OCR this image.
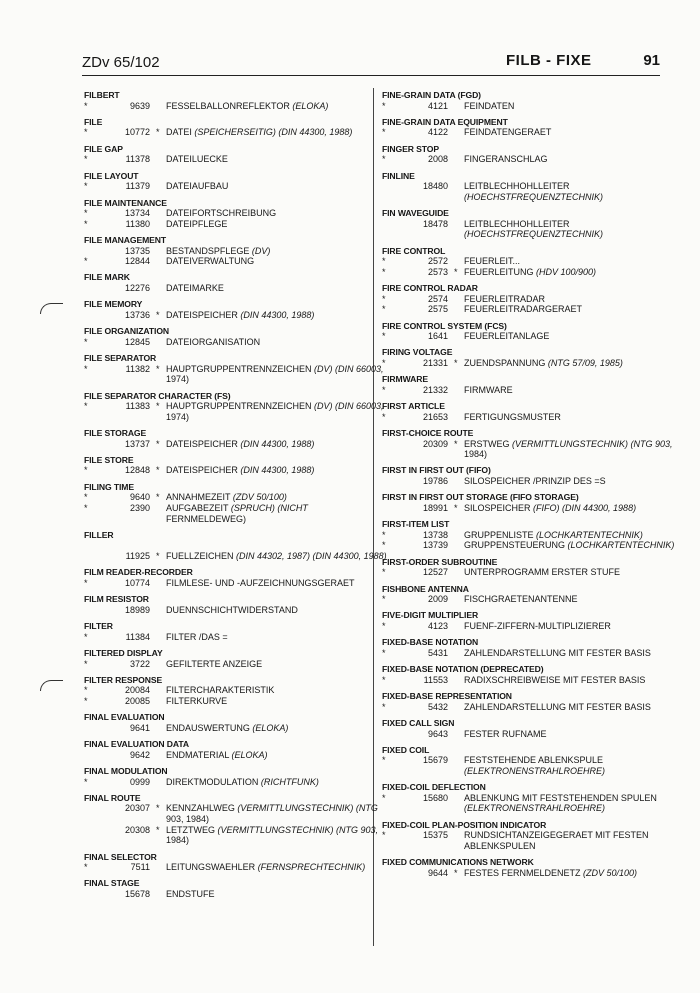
ZDv 65/102	FILB - FIXE	91
FILBERT
*	9639 FESSELBALLONREFLEKTOR (ELOKA)
FILE
*	10772 * DATEI (SPEICHERSEITIG) (DIN 44300, 1988)
FILE GAP
*	11378 DATEILUECKE
FILE LAYOUT
*	11379 DATEIAUFBAU
FILE MAINTENANCE
*	13734 DATEIFORTSCHREIBUNG
*	11380 DATEIPFLEGE
FILE MANAGEMENT
13735 BESTANDSPFLEGE (DV)
*	12844 DATEIVERWALTUNG
FILE MARK
12276 DATEIMARKE
FILE MEMORY
13736 * DATEISPEICHER (DIN 44300, 1988)
FILE ORGANIZATION
*	12845 DATEIORGANISATION
FILE SEPARATOR
*	11382 * HAUPTGRUPPENTRENNZEICHEN (DV) (DIN 66003,
1974)
FILE SEPARATOR CHARACTER (FS)
*	11383 * HAUPTGRUPPENTRENNZEICHEN (DV) (DIN 66003,
1974)
FILE STORAGE
13737 * DATEISPEICHER (DIN 44300, 1988)
FILE STORE
*	12848 * DATEISPEICHER (DIN 44300, 1988)
FILING TIME
*	9640 * ANNAHMEZEIT (ZDV 50/100)
*	2390 AUFGABEZEIT (SPRUCH) (NICHT
FERNMELDEWEG)
FILLER
11925 * FUELLZEICHEN (DIN 44302, 1987) (DIN 44300, 1988)
FILM READER-RECORDER
*	10774 FILMLESE- UND -AUFZEICHNUNGSGERAET
FILM RESISTOR
18989 DUENNSCHICHTWIDERSTAND
FILTER
*	11384 FILTER /DAS =
FILTERED DISPLAY
*	3722 GEFILTERTE ANZEIGE
FILTER RESPONSE
*	20084 FILTERCHARAKTERISTIK
*	20085 FILTERKURVE
FINAL EVALUATION
9641 ENDAUSWERTUNG (ELOKA)
FINAL EVALUATION DATA
9642 ENDMATERIAL (ELOKA)
FINAL MODULATION
*	0999 DIREKTMODULATION (RICHTFUNK)
FINAL ROUTE
20307 * KENNZAHLWEG (VERMITTLUNGSTECHNIK) (NTG
903, 1984)
20308 * LETZTWEG (VERMITTLUNGSTECHNIK) (NTG 903,
1984)
FINAL SELECTOR
*	7511 LEITUNGSWAEHLER (FERNSPRECHTECHNIK)
FINAL STAGE
15678 ENDSTUFE
FINE-GRAIN DATA (FGD)
*	4121 FEINDATEN
FINE-GRAIN DATA EQUIPMENT
*	4122 FEINDATENGERAET
FINGER STOP
*	2008 FINGERANSCHLAG
FINLINE
18480 LEITBLECHHOHLLEITER
(HOECHSTFREQUENZTECHNIK)
FIN WAVEGUIDE
18478 LEITBLECHHOHLLEITER
(HOECHSTFREQUENZTECHNIK)
FIRE CONTROL
*	2572 FEUERLEIT...
*	2573 * FEUERLEITUNG (HDV 100/900)
FIRE CONTROL RADAR
*	2574 FEUERLEITRADAR
*	2575 FEUERLEITRADARGERAET
FIRE CONTROL SYSTEM (FCS)
*	1641 FEUERLEITANLAGE
FIRING VOLTAGE
*	21331 * ZUENDSPANNUNG (NTG 57/09, 1985)
FIRMWARE
*	21332 FIRMWARE
FIRST ARTICLE
*	21653 FERTIGUNGSMUSTER
FIRST-CHOICE ROUTE
20309 * ERSTWEG (VERMITTLUNGSTECHNIK) (NTG 903,
1984)
FIRST IN FIRST OUT (FIFO)
19786 SILOSPEICHER /PRINZIP DES =S
FIRST IN FIRST OUT STORAGE (FIFO STORAGE)
18991 * SILOSPEICHER (FIFO) (DIN 44300, 1988)
FIRST-ITEM LIST
*	13738 GRUPPENLISTE (LOCHKARTENTECHNIK)
*	13739 GRUPPENSTEUERUNG (LOCHKARTENTECHNIK)
FIRST-ORDER SUBROUTINE
*	12527 UNTERPROGRAMM ERSTER STUFE
FISHBONE ANTENNA
*	2009 FISCHGRAETENANTENNE
FIVE-DIGIT MULTIPLIER
*	4123 FUENF-ZIFFERN-MULTIPLIZIERER
FIXED-BASE NOTATION
*	5431 ZAHLENDARSTELLUNG MIT FESTER BASIS
FIXED-BASE NOTATION (DEPRECATED)
*	11553 RADIXSCHREIBWEISE MIT FESTER BASIS
FIXED-BASE REPRESENTATION
*	5432 ZAHLENDARSTELLUNG MIT FESTER BASIS
FIXED CALL SIGN
9643 FESTER RUFNAME
FIXED COIL
*	15679 FESTSTEHENDE ABLENKSPULE
(ELEKTRONENSTRAHLROEHRE)
FIXED-COIL DEFLECTION
*	15680 ABLENKUNG MIT FESTSTEHENDEN SPULEN
(ELEKTRONENSTRAHLROEHRE)
FIXED-COIL PLAN-POSITION INDICATOR
*	15375 RUNDSICHTANZEIGEGERAET MIT FESTEN
ABLENKSPULEN
FIXED COMMUNICATIONS NETWORK
9644 * FESTES FERNMELDENETZ (ZDV 50/100)
